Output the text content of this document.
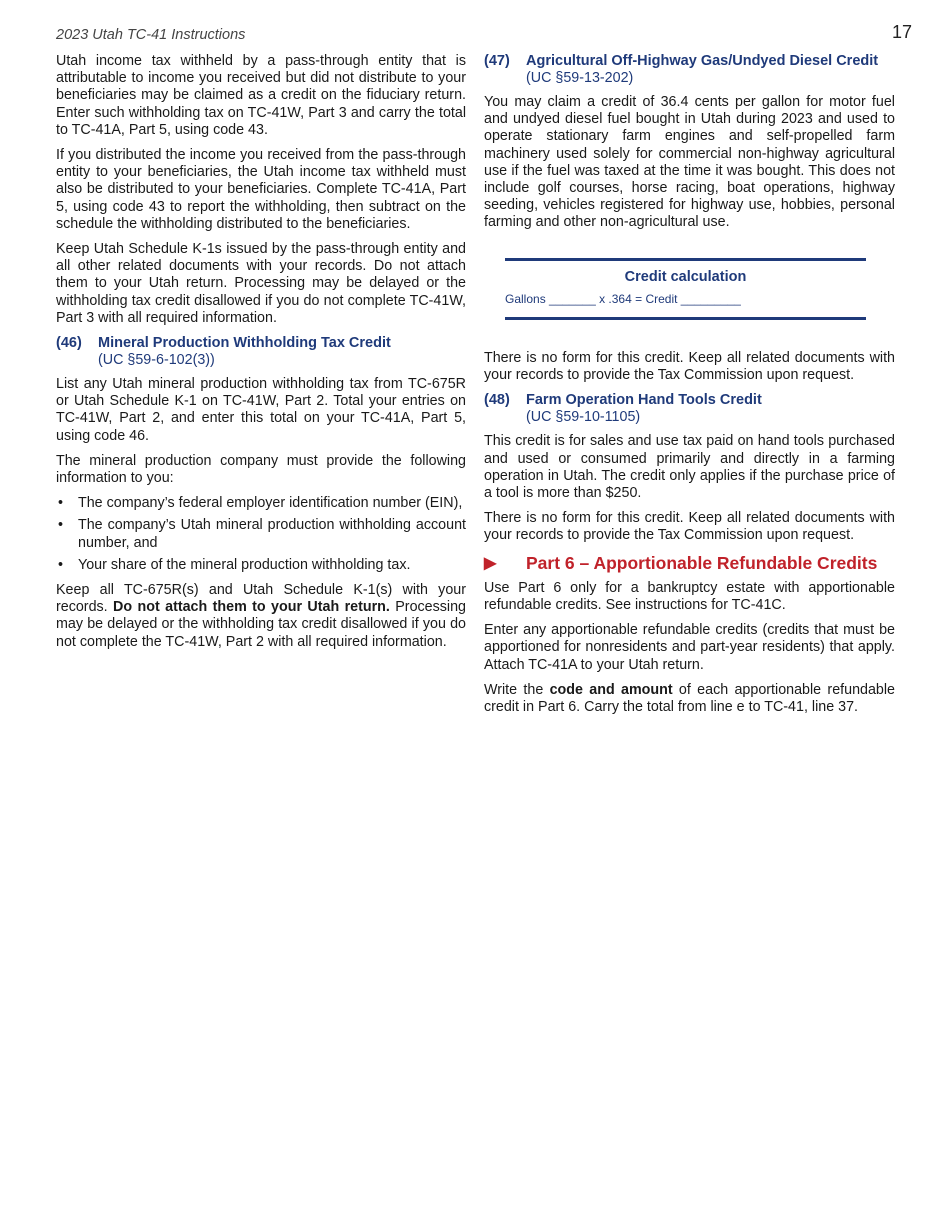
2023 Utah TC-41 Instructions	17

Utah income tax withheld by a pass-through entity that is attributable to income you received but did not distribute to your beneficiaries may be claimed as a credit on the fiduciary return. Enter such withholding tax on TC-41W, Part 3 and carry the total to TC-41A, Part 5, using code 43.

If you distributed the income you received from the pass-through entity to your beneficiaries, the Utah income tax withheld must also be distributed to your beneficiaries. Complete TC-41A, Part 5, using code 43 to report the withholding, then subtract on the schedule the withholding distributed to the beneficiaries.

Keep Utah Schedule K-1s issued by the pass-through entity and all other related documents with your records. Do not attach them to your Utah return. Processing may be delayed or the withholding tax credit disallowed if you do not complete TC-41W, Part 3 with all required information.

(46)	Mineral Production Withholding Tax Credit
(UC §59-6-102(3))

List any Utah mineral production withholding tax from TC-675R or Utah Schedule K-1 on TC-41W, Part 2. Total your entries on TC-41W, Part 2, and enter this total on your TC-41A, Part 5, using code 46.

The mineral production company must provide the following information to you:

• The company’s federal employer identification number (EIN),
• The company’s Utah mineral production withholding account number, and
• Your share of the mineral production withholding tax.

Keep all TC-675R(s) and Utah Schedule K-1(s) with your records. Do not attach them to your Utah return. Processing may be delayed or the withholding tax credit disallowed if you do not complete the TC-41W, Part 2 with all required information.

(47)	Agricultural Off-Highway Gas/Undyed Diesel Credit
(UC §59-13-202)

You may claim a credit of 36.4 cents per gallon for motor fuel and undyed diesel fuel bought in Utah during 2023 and used to operate stationary farm engines and self-propelled farm machinery used solely for commercial non-highway agricultural use if the fuel was taxed at the time it was bought. This does not include golf courses, horse racing, boat operations, highway seeding, vehicles registered for highway use, hobbies, personal farming and other non-agricultural use.

Credit calculation
Gallons _______ x .364 = Credit _________

There is no form for this credit. Keep all related documents with your records to provide the Tax Commission upon request.

(48)	Farm Operation Hand Tools Credit
(UC §59-10-1105)

This credit is for sales and use tax paid on hand tools purchased and used or consumed primarily and directly in a farming operation in Utah. The credit only applies if the purchase price of a tool is more than $250.

There is no form for this credit. Keep all related documents with your records to provide the Tax Commission upon request.

▶	Part 6 – Apportionable Refundable Credits

Use Part 6 only for a bankruptcy estate with apportionable refundable credits. See instructions for TC-41C.

Enter any apportionable refundable credits (credits that must be apportioned for nonresidents and part-year residents) that apply. Attach TC-41A to your Utah return.

Write the code and amount of each apportionable refundable credit in Part 6. Carry the total from line e to TC-41, line 37.
